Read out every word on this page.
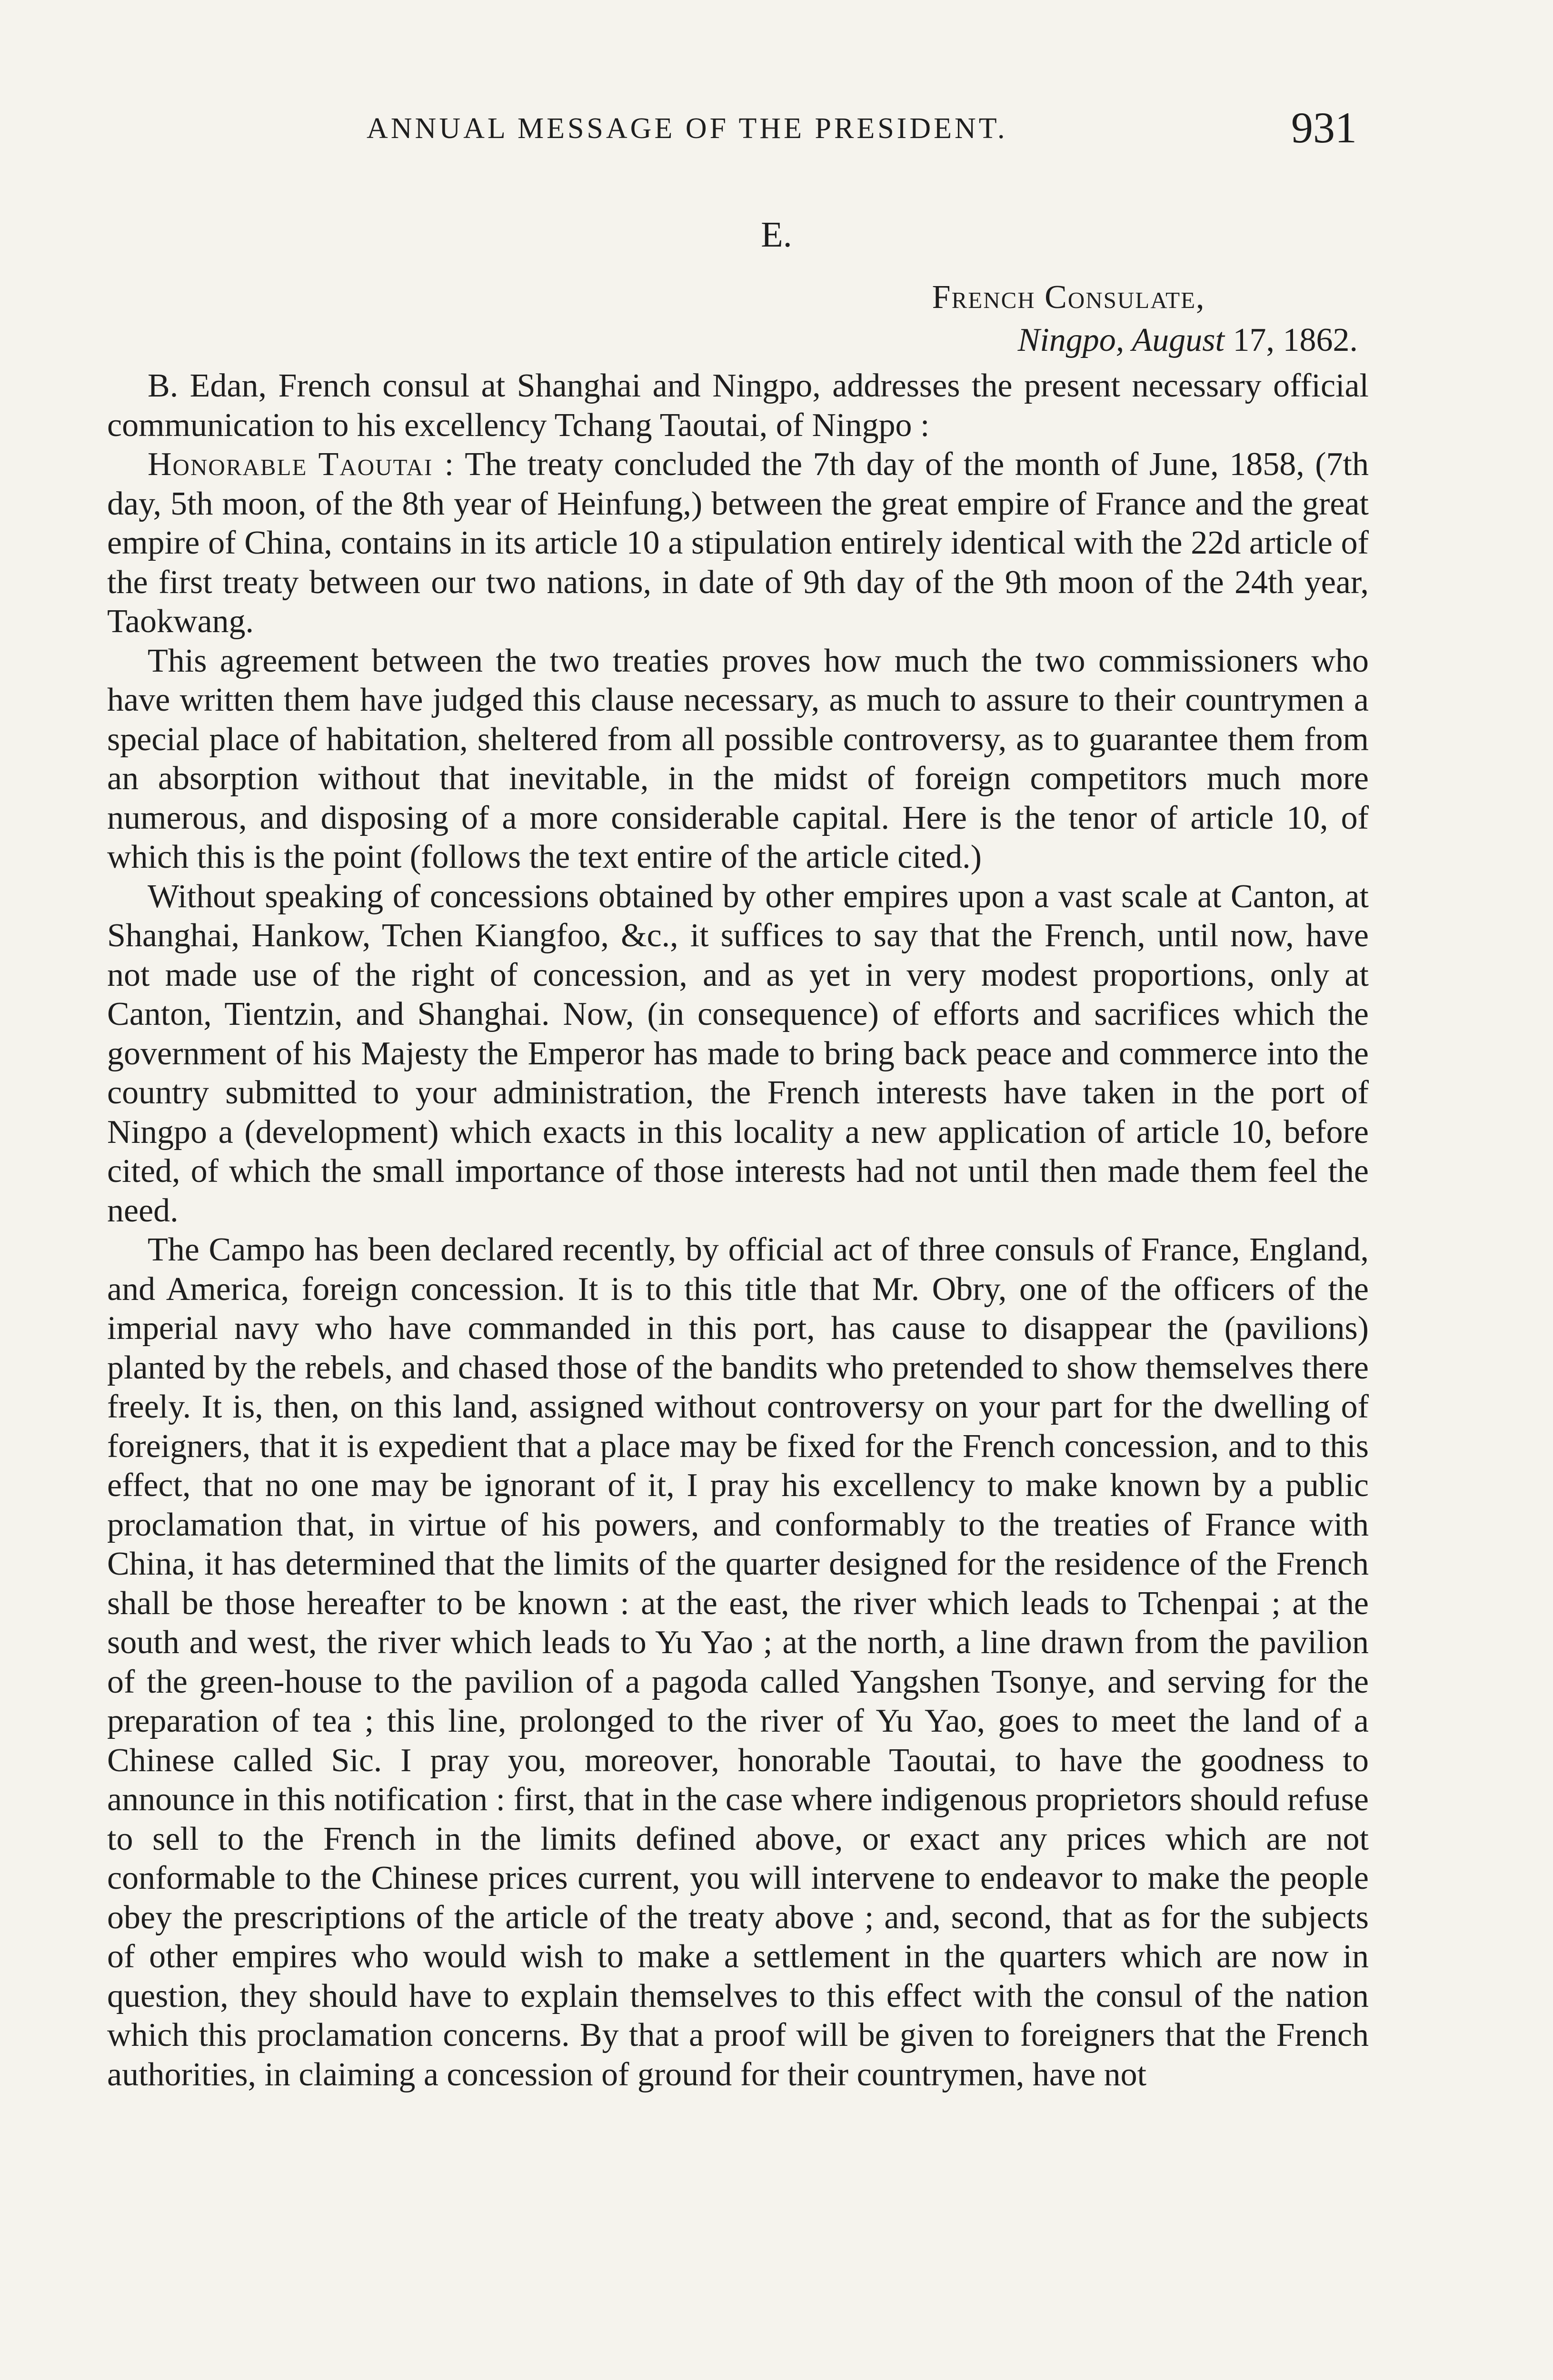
ANNUAL MESSAGE OF THE PRESIDENT.	931
E.
French Consulate,
Ningpo, August 17, 1862.

B. Edan, French consul at Shanghai and Ningpo, addresses the present necessary official communication to his excellency Tchang Taoutai, of Ningpo :

Honorable Taoutai : The treaty concluded the 7th day of the month of June, 1858, (7th day, 5th moon, of the 8th year of Heinfung,) between the great empire of France and the great empire of China, contains in its article 10 a stipulation entirely identical with the 22d article of the first treaty between our two nations, in date of 9th day of the 9th moon of the 24th year, Taokwang.

This agreement between the two treaties proves how much the two commissioners who have written them have judged this clause necessary, as much to assure to their countrymen a special place of habitation, sheltered from all possible controversy, as to guarantee them from an absorption without that inevitable, in the midst of foreign competitors much more numerous, and disposing of a more considerable capital. Here is the tenor of article 10, of which this is the point (follows the text entire of the article cited.)

Without speaking of concessions obtained by other empires upon a vast scale at Canton, at Shanghai, Hankow, Tchen Kiangfoo, &c., it suffices to say that the French, until now, have not made use of the right of concession, and as yet in very modest proportions, only at Canton, Tientzin, and Shanghai. Now, (in consequence) of efforts and sacrifices which the government of his Majesty the Emperor has made to bring back peace and commerce into the country submitted to your administration, the French interests have taken in the port of Ningpo a (development) which exacts in this locality a new application of article 10, before cited, of which the small importance of those interests had not until then made them feel the need.

The Campo has been declared recently, by official act of three consuls of France, England, and America, foreign concession. It is to this title that Mr. Obry, one of the officers of the imperial navy who have commanded in this port, has cause to disappear the (pavilions) planted by the rebels, and chased those of the bandits who pretended to show themselves there freely. It is, then, on this land, assigned without controversy on your part for the dwelling of foreigners, that it is expedient that a place may be fixed for the French concession, and to this effect, that no one may be ignorant of it, I pray his excellency to make known by a public proclamation that, in virtue of his powers, and conformably to the treaties of France with China, it has determined that the limits of the quarter designed for the residence of the French shall be those hereafter to be known : at the east, the river which leads to Tchenpai ; at the south and west, the river which leads to Yu Yao ; at the north, a line drawn from the pavilion of the green-house to the pavilion of a pagoda called Yangshen Tsonye, and serving for the preparation of tea ; this line, prolonged to the river of Yu Yao, goes to meet the land of a Chinese called Sic. I pray you, moreover, honorable Taoutai, to have the goodness to announce in this notification : first, that in the case where indigenous proprietors should refuse to sell to the French in the limits defined above, or exact any prices which are not conformable to the Chinese prices current, you will intervene to endeavor to make the people obey the prescriptions of the article of the treaty above ; and, second, that as for the subjects of other empires who would wish to make a settlement in the quarters which are now in question, they should have to explain themselves to this effect with the consul of the nation which this proclamation concerns. By that a proof will be given to foreigners that the French authorities, in claiming a concession of ground for their countrymen, have not
